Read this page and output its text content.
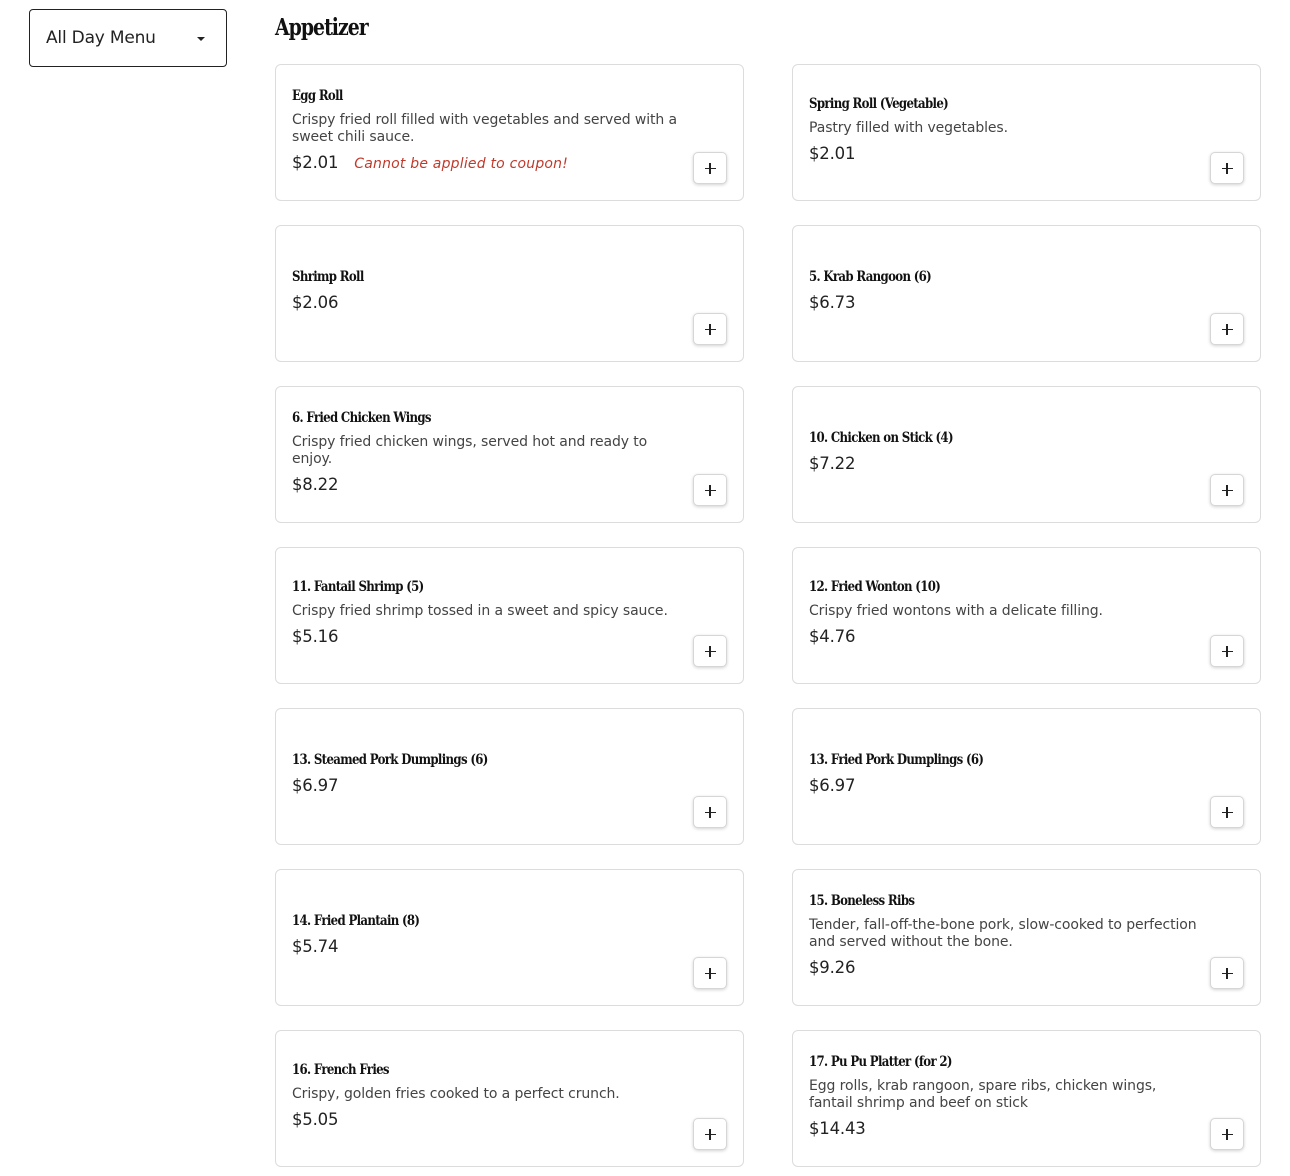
All Day Menu	Appetizer
Egg Roll
Crispy fried roll filled with vegetables and served with a sweet chili sauce.
$2.01 Cannot be applied to coupon!
Spring Roll (Vegetable)
Pastry filled with vegetables.
$2.01
Shrimp Roll
$2.06
5. Krab Rangoon (6)
$6.73
6. Fried Chicken Wings
Crispy fried chicken wings, served hot and ready to enjoy.
$8.22
10. Chicken on Stick (4)
$7.22
11. Fantail Shrimp (5)
Crispy fried shrimp tossed in a sweet and spicy sauce.
$5.16
12. Fried Wonton (10)
Crispy fried wontons with a delicate filling.
$4.76
13. Steamed Pork Dumplings (6)
$6.97
13. Fried Pork Dumplings (6)
$6.97
14. Fried Plantain (8)
$5.74
15. Boneless Ribs
Tender, fall-off-the-bone pork, slow-cooked to perfection and served without the bone.
$9.26
16. French Fries
Crispy, golden fries cooked to a perfect crunch.
$5.05
17. Pu Pu Platter (for 2)
Egg rolls, krab rangoon, spare ribs, chicken wings, fantail shrimp and beef on stick
$14.43
